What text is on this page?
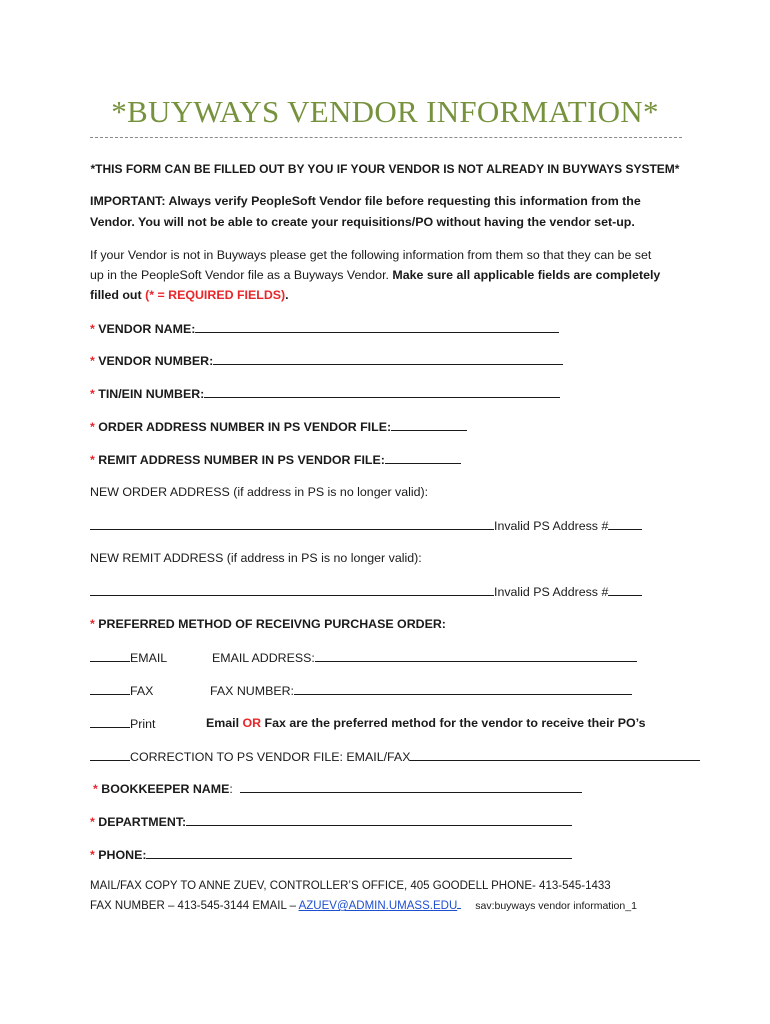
*BUYWAYS VENDOR INFORMATION*
*THIS FORM CAN BE FILLED OUT BY YOU IF YOUR VENDOR IS NOT ALREADY IN BUYWAYS SYSTEM*
IMPORTANT: Always verify PeopleSoft Vendor file before requesting this information from the
Vendor. You will not be able to create your requisitions/PO without having the vendor set-up.
If your Vendor is not in Buyways please get the following information from them so that they can be set
up in the PeopleSoft Vendor file as a Buyways Vendor. Make sure all applicable fields are completely
filled out (* = REQUIRED FIELDS).
* VENDOR NAME:
* VENDOR NUMBER:
* TIN/EIN NUMBER:
* ORDER ADDRESS NUMBER IN PS VENDOR FILE:
* REMIT ADDRESS NUMBER IN PS VENDOR FILE:
NEW ORDER ADDRESS (if address in PS is no longer valid):
Invalid PS Address #
NEW REMIT ADDRESS (if address in PS is no longer valid):
Invalid PS Address #
* PREFERRED METHOD OF RECEIVNG PURCHASE ORDER:
EMAIL	EMAIL ADDRESS:
FAX	FAX NUMBER:
Print	Email OR Fax are the preferred method for the vendor to receive their PO’s
CORRECTION TO PS VENDOR FILE: EMAIL/FAX
* BOOKKEEPER NAME:
* DEPARTMENT:
* PHONE:
MAIL/FAX COPY TO ANNE ZUEV, CONTROLLER’S OFFICE, 405 GOODELL PHONE- 413-545-1433
FAX NUMBER – 413-545-3144 EMAIL – AZUEV@ADMIN.UMASS.EDU sav:buyways vendor information_1
